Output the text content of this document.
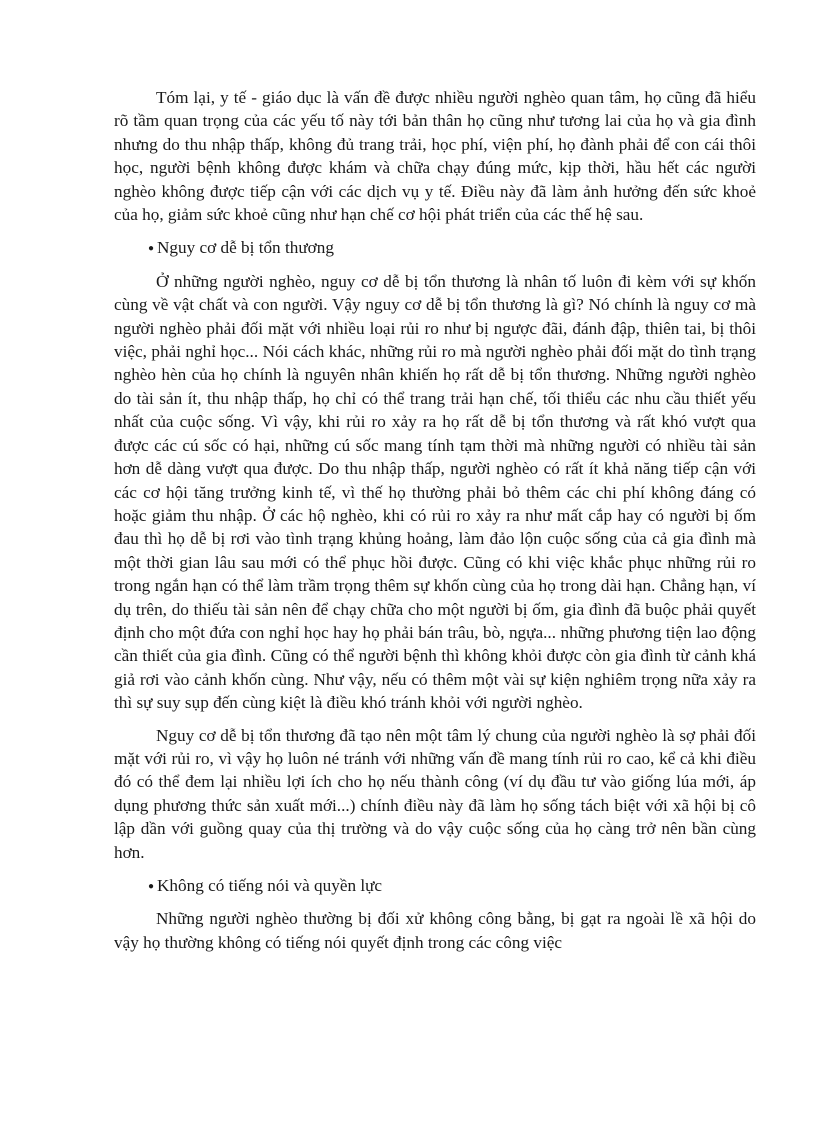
Tóm lại, y tế - giáo dục là vấn đề được nhiều người nghèo quan tâm, họ cũng đã hiểu rõ tầm quan trọng của các yếu tố này tới bản thân họ cũng như tương lai của họ và gia đình nhưng do thu nhập thấp, không đủ trang trải, học phí, viện phí, họ đành phải để con cái thôi học, người bệnh không được khám và chữa chạy đúng mức, kịp thời, hầu hết các người nghèo không được tiếp cận với các dịch vụ y tế. Điều này đã làm ảnh hưởng đến sức khoẻ của họ, giảm sức khoẻ cũng như hạn chế cơ hội phát triển của các thế hệ sau.

● Nguy cơ dễ bị tổn thương

Ở những người nghèo, nguy cơ dễ bị tổn thương là nhân tố luôn đi kèm với sự khốn cùng về vật chất và con người. Vậy nguy cơ dễ bị tổn thương là gì? Nó chính là nguy cơ mà người nghèo phải đối mặt với nhiều loại rủi ro như bị ngược đãi, đánh đập, thiên tai, bị thôi việc, phải nghỉ học... Nói cách khác, những rủi ro mà người nghèo phải đối mặt do tình trạng nghèo hèn của họ chính là nguyên nhân khiến họ rất dễ bị tổn thương. Những người nghèo do tài sản ít, thu nhập thấp, họ chỉ có thể trang trải hạn chế, tối thiểu các nhu cầu thiết yếu nhất của cuộc sống. Vì vậy, khi rủi ro xảy ra họ rất dễ bị tổn thương và rất khó vượt qua được các cú sốc có hại, những cú sốc mang tính tạm thời mà những người có nhiều tài sản hơn dễ dàng vượt qua được. Do thu nhập thấp, người nghèo có rất ít khả năng tiếp cận với các cơ hội tăng trưởng kinh tế, vì thế họ thường phải bỏ thêm các chi phí không đáng có hoặc giảm thu nhập. Ở các hộ nghèo, khi có rủi ro xảy ra như mất cắp hay có người bị ốm đau thì họ dễ bị rơi vào tình trạng khủng hoảng, làm đảo lộn cuộc sống của cả gia đình mà một thời gian lâu sau mới có thể phục hồi được. Cũng có khi việc khắc phục những rủi ro trong ngắn hạn có thể làm trầm trọng thêm sự khốn cùng của họ trong dài hạn. Chẳng hạn, ví dụ trên, do thiếu tài sản nên để chạy chữa cho một người bị ốm, gia đình đã buộc phải quyết định cho một đứa con nghỉ học hay họ phải bán trâu, bò, ngựa... những phương tiện lao động cần thiết của gia đình. Cũng có thể người bệnh thì không khỏi được còn gia đình từ cảnh khá giả rơi vào cảnh khốn cùng. Như vậy, nếu có thêm một vài sự kiện nghiêm trọng nữa xảy ra thì sự suy sụp đến cùng kiệt là điều khó tránh khỏi với người nghèo.

Nguy cơ dễ bị tổn thương đã tạo nên một tâm lý chung của người nghèo là sợ phải đối mặt với rủi ro, vì vậy họ luôn né tránh với những vấn đề mang tính rủi ro cao, kể cả khi điều đó có thể đem lại nhiều lợi ích cho họ nếu thành công (ví dụ đầu tư vào giống lúa mới, áp dụng phương thức sản xuất mới...) chính điều này đã làm họ sống tách biệt với xã hội bị cô lập dần với guồng quay của thị trường và do vậy cuộc sống của họ càng trở nên bần cùng hơn.

● Không có tiếng nói và quyền lực

Những người nghèo thường bị đối xử không công bằng, bị gạt ra ngoài lề xã hội do vậy họ thường không có tiếng nói quyết định trong các công việc
